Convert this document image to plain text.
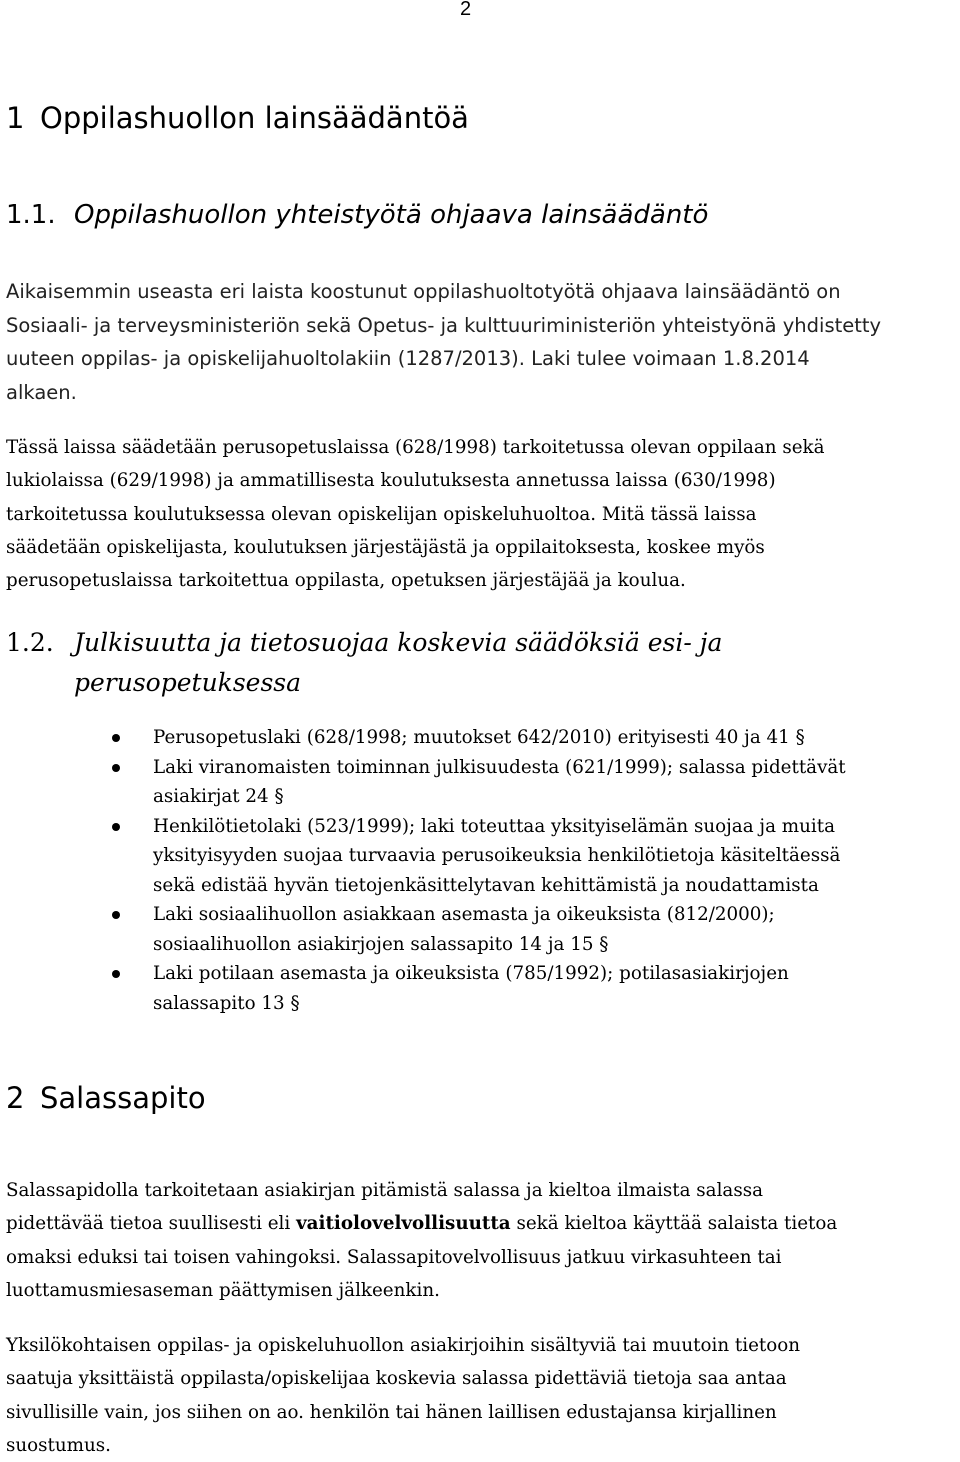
2
1 Oppilashuollon lainsäädäntöä
1.1. Oppilashuollon yhteistyötä ohjaava lainsäädäntö
Aikaisemmin useasta eri laista koostunut oppilashuoltotyötä ohjaava lainsäädäntö on
Sosiaali- ja terveysministeriön sekä Opetus- ja kulttuuriministeriön yhteistyönä yhdistetty
uuteen oppilas- ja opiskelijahuoltolakiin (1287/2013). Laki tulee voimaan 1.8.2014
alkaen.
Tässä laissa säädetään perusopetuslaissa (628/1998) tarkoitetussa olevan oppilaan sekä
lukiolaissa (629/1998) ja ammatillisesta koulutuksesta annetussa laissa (630/1998)
tarkoitetussa koulutuksessa olevan opiskelijan opiskeluhuoltoa. Mitä tässä laissa
säädetään opiskelijasta, koulutuksen järjestäjästä ja oppilaitoksesta, koskee myös
perusopetuslaissa tarkoitettua oppilasta, opetuksen järjestäjää ja koulua.
1.2. Julkisuutta ja tietosuojaa koskevia säädöksiä esi- ja
perusopetuksessa
Perusopetuslaki (628/1998; muutokset 642/2010) erityisesti 40 ja 41 §
Laki viranomaisten toiminnan julkisuudesta (621/1999); salassa pidettävät
asiakirjat 24 §
Henkilötietolaki (523/1999); laki toteuttaa yksityiselämän suojaa ja muita
yksityisyyden suojaa turvaavia perusoikeuksia henkilötietoja käsiteltäessä
sekä edistää hyvän tietojenkäsittelytavan kehittämistä ja noudattamista
Laki sosiaalihuollon asiakkaan asemasta ja oikeuksista (812/2000);
sosiaalihuollon asiakirjojen salassapito 14 ja 15 §
Laki potilaan asemasta ja oikeuksista (785/1992); potilasasiakirjojen
salassapito 13 §
2 Salassapito
Salassapidolla tarkoitetaan asiakirjan pitämistä salassa ja kieltoa ilmaista salassa
pidettävää tietoa suullisesti eli vaitiolovelvollisuutta sekä kieltoa käyttää salaista tietoa
omaksi eduksi tai toisen vahingoksi. Salassapitovelvollisuus jatkuu virkasuhteen tai
luottamusmiesaseman päättymisen jälkeenkin.
Yksilökohtaisen oppilas- ja opiskeluhuollon asiakirjoihin sisältyviä tai muutoin tietoon
saatuja yksittäistä oppilasta/opiskelijaa koskevia salassa pidettäviä tietoja saa antaa
sivullisille vain, jos siihen on ao. henkilön tai hänen laillisen edustajansa kirjallinen
suostumus.
